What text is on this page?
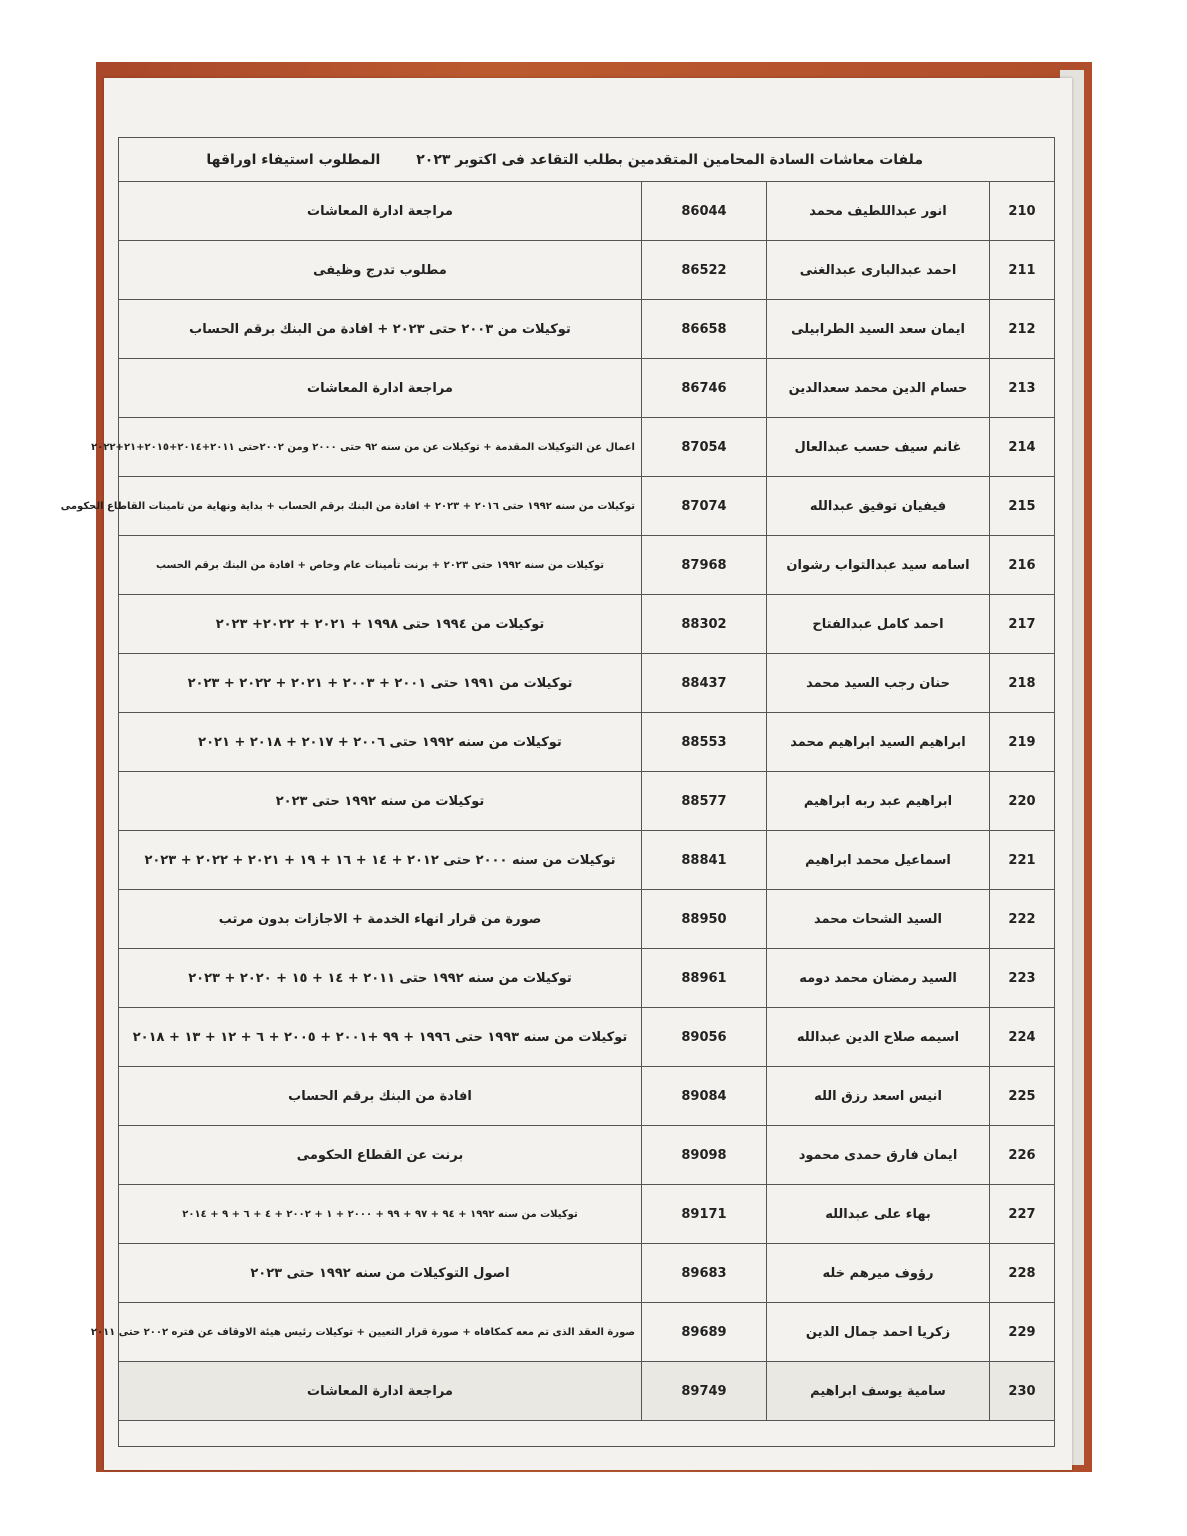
ملفات معاشات السادة المحامين المتقدمين بطلب التقاعد فى اكتوبر ٢٠٢٣
المطلوب استيفاء اوراقها
210	انور عبداللطيف محمد	86044	مراجعة ادارة المعاشات
211	احمد عبدالبارى عبدالغنى	86522	مطلوب تدرج وظيفى
212	ايمان سعد السيد الطرابيلى	86658	توكيلات من ٢٠٠٣ حتى ٢٠٢٣ + افادة من البنك برقم الحساب
213	حسام الدين محمد سعدالدين	86746	مراجعة ادارة المعاشات
214	غانم سيف حسب عبدالعال	87054	اعمال عن التوكيلات المقدمة + توكيلات عن من سنه ٩٢ حتى ٢٠٠٠ ومن ٢٠٠٢حتى ٢٠١١+٢٠١٤+٢٠١٥+٢١+٢٠٢٢
215	فيفيان توفيق عبدالله	87074	توكيلات من سنه ١٩٩٢ حتى ٢٠١٦ + ٢٠٢٣ + افادة من البنك برقم الحساب + بداية ونهاية من تامينات القاطاع الحكومى
216	اسامه سيد عبدالتواب رشوان	87968	توكيلات من سنه ١٩٩٢ حتى ٢٠٢٣ + برنت تأمينات عام وخاص + افادة من البنك برقم الحسب
217	احمد كامل عبدالفتاح	88302	توكيلات من ١٩٩٤ حتى ١٩٩٨ + ٢٠٢١ + ٢٠٢٢+ ٢٠٢٣
218	حنان رجب السيد محمد	88437	توكيلات من ١٩٩١ حتى ٢٠٠١ + ٢٠٠٣ + ٢٠٢١ + ٢٠٢٢ + ٢٠٢٣
219	ابراهيم السيد ابراهيم محمد	88553	توكيلات من سنه ١٩٩٢ حتى ٢٠٠٦ + ٢٠١٧ + ٢٠١٨ + ٢٠٢١
220	ابراهيم عبد ربه ابراهيم	88577	توكيلات من سنه ١٩٩٢ حتى ٢٠٢٣
221	اسماعيل محمد ابراهيم	88841	توكيلات من سنه ٢٠٠٠ حتى ٢٠١٢ + ١٤ + ١٦ + ١٩ + ٢٠٢١ + ٢٠٢٢ + ٢٠٢٣
222	السيد الشحات محمد	88950	صورة من قرار انهاء الخدمة + الاجازات بدون مرتب
223	السيد رمضان محمد دومه	88961	توكيلات من سنه ١٩٩٢ حتى ٢٠١١ + ١٤ + ١٥ + ٢٠٢٠ + ٢٠٢٣
224	اسيمه صلاح الدين عبدالله	89056	توكيلات من سنه ١٩٩٣ حتى ١٩٩٦ + ٩٩ +٢٠٠١ + ٢٠٠٥ + ٦ + ١٢ + ١٣ + ٢٠١٨
225	انيس اسعد رزق الله	89084	افادة من البنك برقم الحساب
226	ايمان فارق حمدى محمود	89098	برنت عن القطاع الحكومى
227	بهاء على عبدالله	89171	توكيلات من سنه ١٩٩٢ + ٩٤ + ٩٧ + ٩٩ + ٢٠٠٠ + ١ + ٢٠٠٢ + ٤ + ٦ + ٩ + ٢٠١٤
228	رؤوف ميرهم خله	89683	اصول التوكيلات من سنه ١٩٩٢ حتى ٢٠٢٣
229	زكريا احمد جمال الدين	89689	صورة العقد الذى تم معه كمكافاه + صورة قرار التعيين + توكيلات رئيس هيئة الاوقاف عن فتره ٢٠٠٢ حتى ٢٠١١
230	سامية يوسف ابراهيم	89749	مراجعة ادارة المعاشات
